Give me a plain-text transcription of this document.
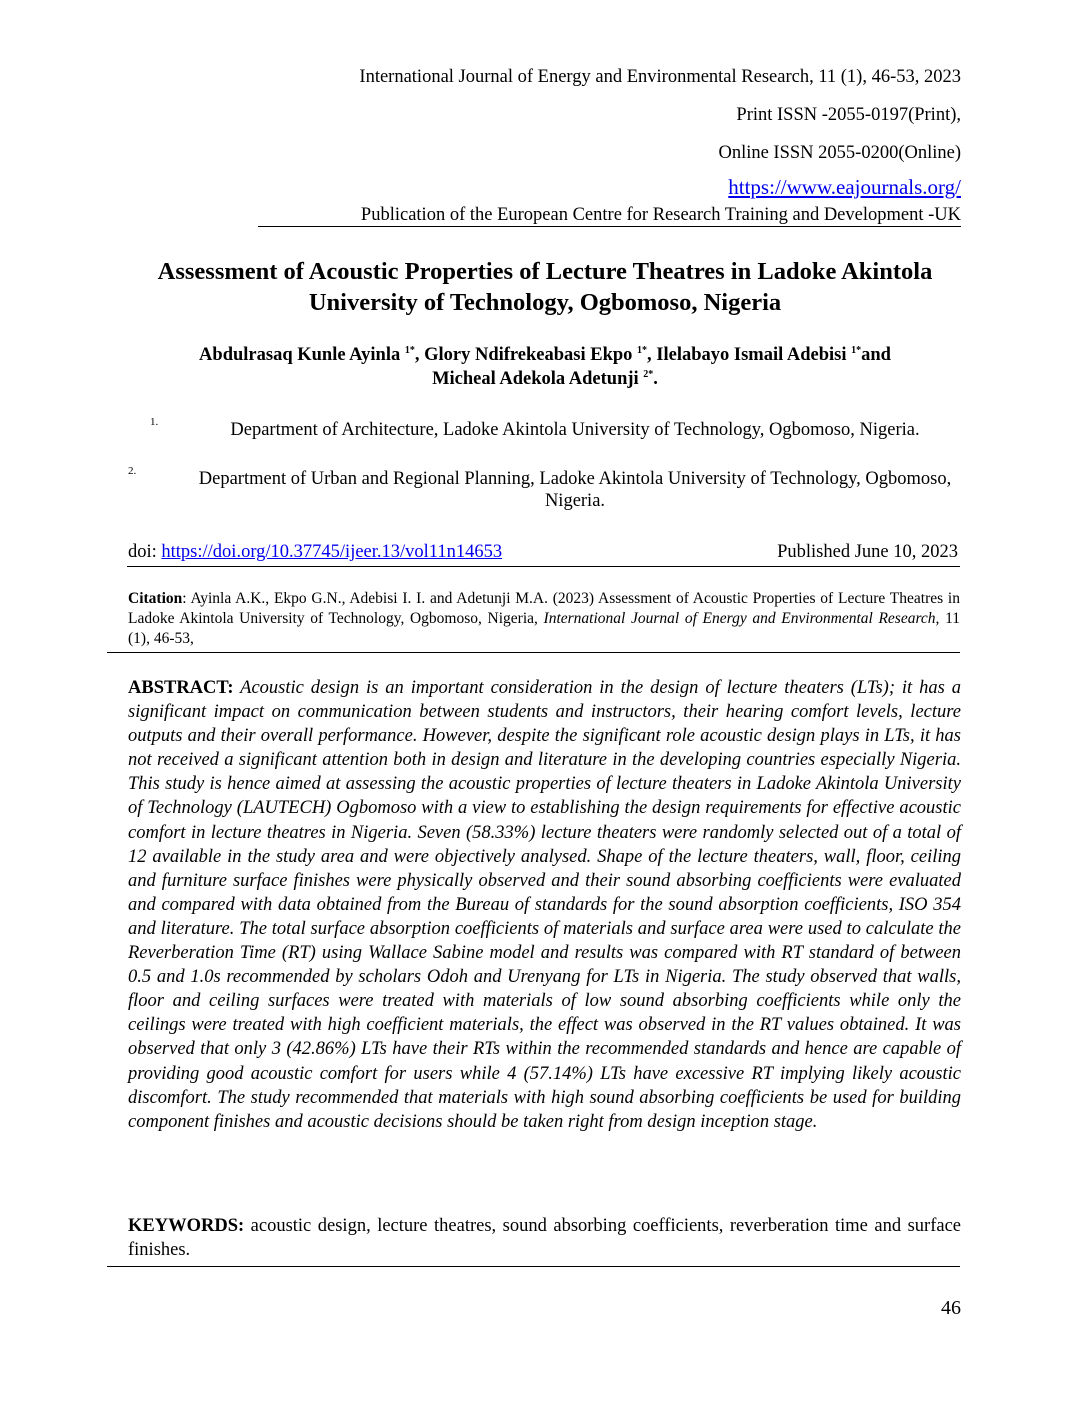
International Journal of Energy and Environmental Research, 11 (1), 46-53, 2023
Print ISSN -2055-0197(Print),
Online ISSN 2055-0200(Online)
https://www.eajournals.org/
Publication of the European Centre for Research Training and Development -UK
Assessment of Acoustic Properties of Lecture Theatres in Ladoke Akintola University of Technology, Ogbomoso, Nigeria
Abdulrasaq Kunle Ayinla $^{1*}$, Glory Ndifrekeabasi Ekpo $^{1*}$, Ilelabayo Ismail Adebisi $^{1*}$and
Micheal Adekola Adetunji $^{2*}$.
1.	Department of Architecture, Ladoke Akintola University of Technology, Ogbomoso, Nigeria.
2.	Department of Urban and Regional Planning, Ladoke Akintola University of Technology, Ogbomoso, Nigeria.
doi: https://doi.org/10.37745/ijeer.13/vol11n14653	Published June 10, 2023
Citation: Ayinla A.K., Ekpo G.N., Adebisi I. I. and Adetunji M.A. (2023) Assessment of Acoustic Properties of Lecture Theatres in Ladoke Akintola University of Technology, Ogbomoso, Nigeria, International Journal of Energy and Environmental Research, 11 (1), 46-53,
ABSTRACT: Acoustic design is an important consideration in the design of lecture theaters (LTs); it has a significant impact on communication between students and instructors, their hearing comfort levels, lecture outputs and their overall performance. However, despite the significant role acoustic design plays in LTs, it has not received a significant attention both in design and literature in the developing countries especially Nigeria. This study is hence aimed at assessing the acoustic properties of lecture theaters in Ladoke Akintola University of Technology (LAUTECH) Ogbomoso with a view to establishing the design requirements for effective acoustic comfort in lecture theatres in Nigeria. Seven (58.33%) lecture theaters were randomly selected out of a total of 12 available in the study area and were objectively analysed. Shape of the lecture theaters, wall, floor, ceiling and furniture surface finishes were physically observed and their sound absorbing coefficients were evaluated and compared with data obtained from the Bureau of standards for the sound absorption coefficients, ISO 354 and literature. The total surface absorption coefficients of materials and surface area were used to calculate the Reverberation Time (RT) using Wallace Sabine model and results was compared with RT standard of between 0.5 and 1.0s recommended by scholars Odoh and Urenyang for LTs in Nigeria. The study observed that walls, floor and ceiling surfaces were treated with materials of low sound absorbing coefficients while only the ceilings were treated with high coefficient materials, the effect was observed in the RT values obtained. It was observed that only 3 (42.86%) LTs have their RTs within the recommended standards and hence are capable of providing good acoustic comfort for users while 4 (57.14%) LTs have excessive RT implying likely acoustic discomfort. The study recommended that materials with high sound absorbing coefficients be used for building component finishes and acoustic decisions should be taken right from design inception stage.
KEYWORDS: acoustic design, lecture theatres, sound absorbing coefficients, reverberation time and surface finishes.
46
